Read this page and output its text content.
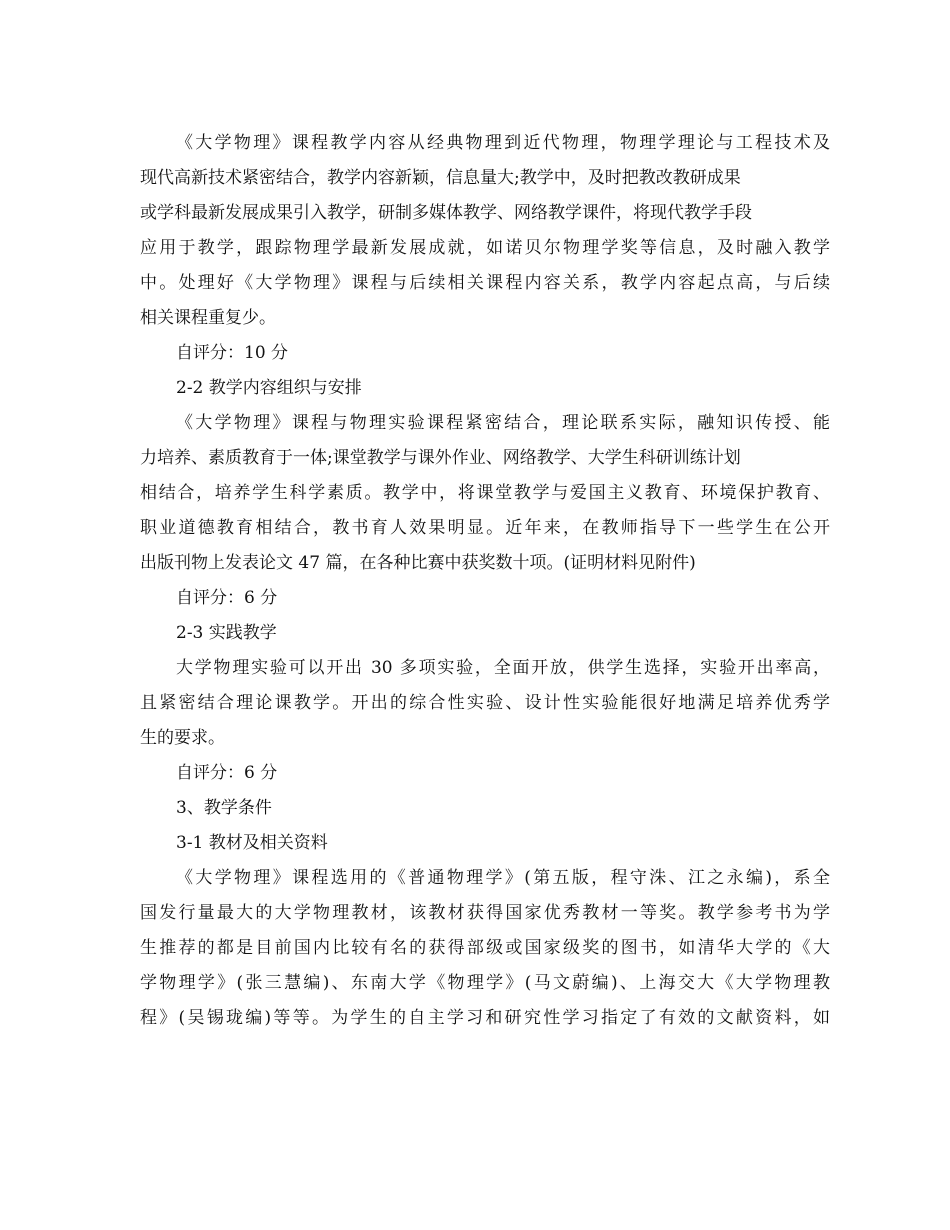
《大学物理》课程教学内容从经典物理到近代物理，物理学理论与工程技术及
现代高新技术紧密结合，教学内容新颖，信息量大;教学中，及时把教改教研成果
或学科最新发展成果引入教学，研制多媒体教学、网络教学课件，将现代教学手段
应用于教学，跟踪物理学最新发展成就，如诺贝尔物理学奖等信息，及时融入教学
中。处理好《大学物理》课程与后续相关课程内容关系，教学内容起点高，与后续
相关课程重复少。
自评分：10 分
2-2 教学内容组织与安排
《大学物理》课程与物理实验课程紧密结合，理论联系实际，融知识传授、能
力培养、素质教育于一体;课堂教学与课外作业、网络教学、大学生科研训练计划
相结合，培养学生科学素质。教学中，将课堂教学与爱国主义教育、环境保护教育、
职业道德教育相结合，教书育人效果明显。近年来，在教师指导下一些学生在公开
出版刊物上发表论文 47 篇，在各种比赛中获奖数十项。(证明材料见附件)
自评分：6 分
2-3 实践教学
大学物理实验可以开出 30 多项实验，全面开放，供学生选择，实验开出率高，
且紧密结合理论课教学。开出的综合性实验、设计性实验能很好地满足培养优秀学
生的要求。
自评分：6 分
3、教学条件
3-1 教材及相关资料
《大学物理》课程选用的《普通物理学》(第五版，程守洙、江之永编)，系全
国发行量最大的大学物理教材，该教材获得国家优秀教材一等奖。教学参考书为学
生推荐的都是目前国内比较有名的获得部级或国家级奖的图书，如清华大学的《大
学物理学》(张三慧编)、东南大学《物理学》(马文蔚编)、上海交大《大学物理教
程》(吴锡珑编)等等。为学生的自主学习和研究性学习指定了有效的文献资料，如
